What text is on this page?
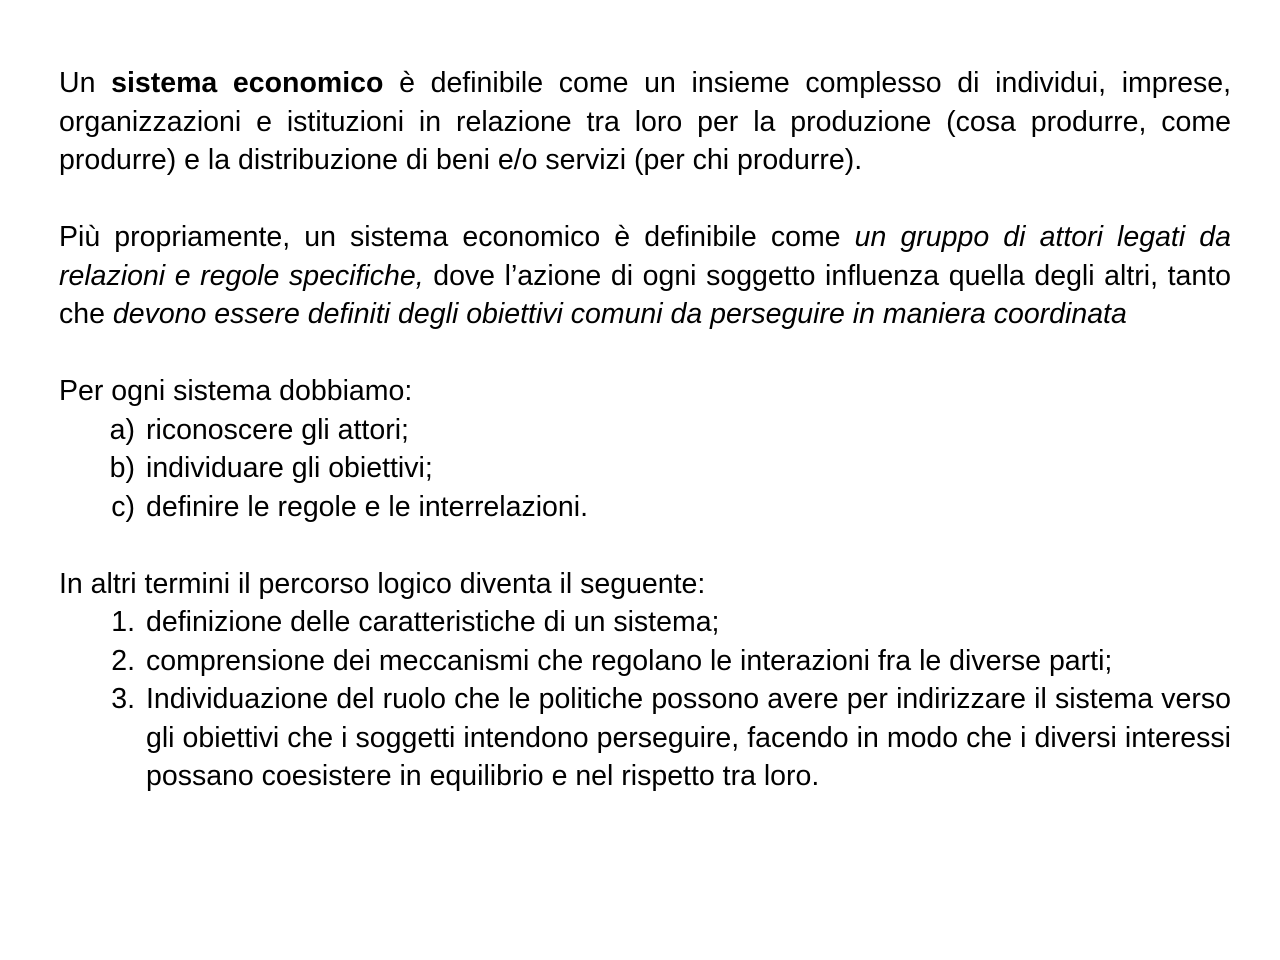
Un sistema economico è definibile come un insieme complesso di individui, imprese, organizzazioni e istituzioni in relazione tra loro per la produzione (cosa produrre, come produrre) e la distribuzione di beni e/o servizi (per chi produrre).

Più propriamente, un sistema economico è definibile come un gruppo di attori legati da relazioni e regole specifiche, dove l’azione di ogni soggetto influenza quella degli altri, tanto che devono essere definiti degli obiettivi comuni da perseguire in maniera coordinata

Per ogni sistema dobbiamo:

a) riconoscere gli attori;
b) individuare gli obiettivi;
c) definire le regole e le interrelazioni.

In altri termini il percorso logico diventa il seguente:

1. definizione delle caratteristiche di un sistema;
2. comprensione dei meccanismi che regolano le interazioni fra le diverse parti;
3. Individuazione del ruolo che le politiche possono avere per indirizzare il sistema verso gli obiettivi che i soggetti intendono perseguire, facendo in modo che i diversi interessi possano coesistere in equilibrio e nel rispetto tra loro.
